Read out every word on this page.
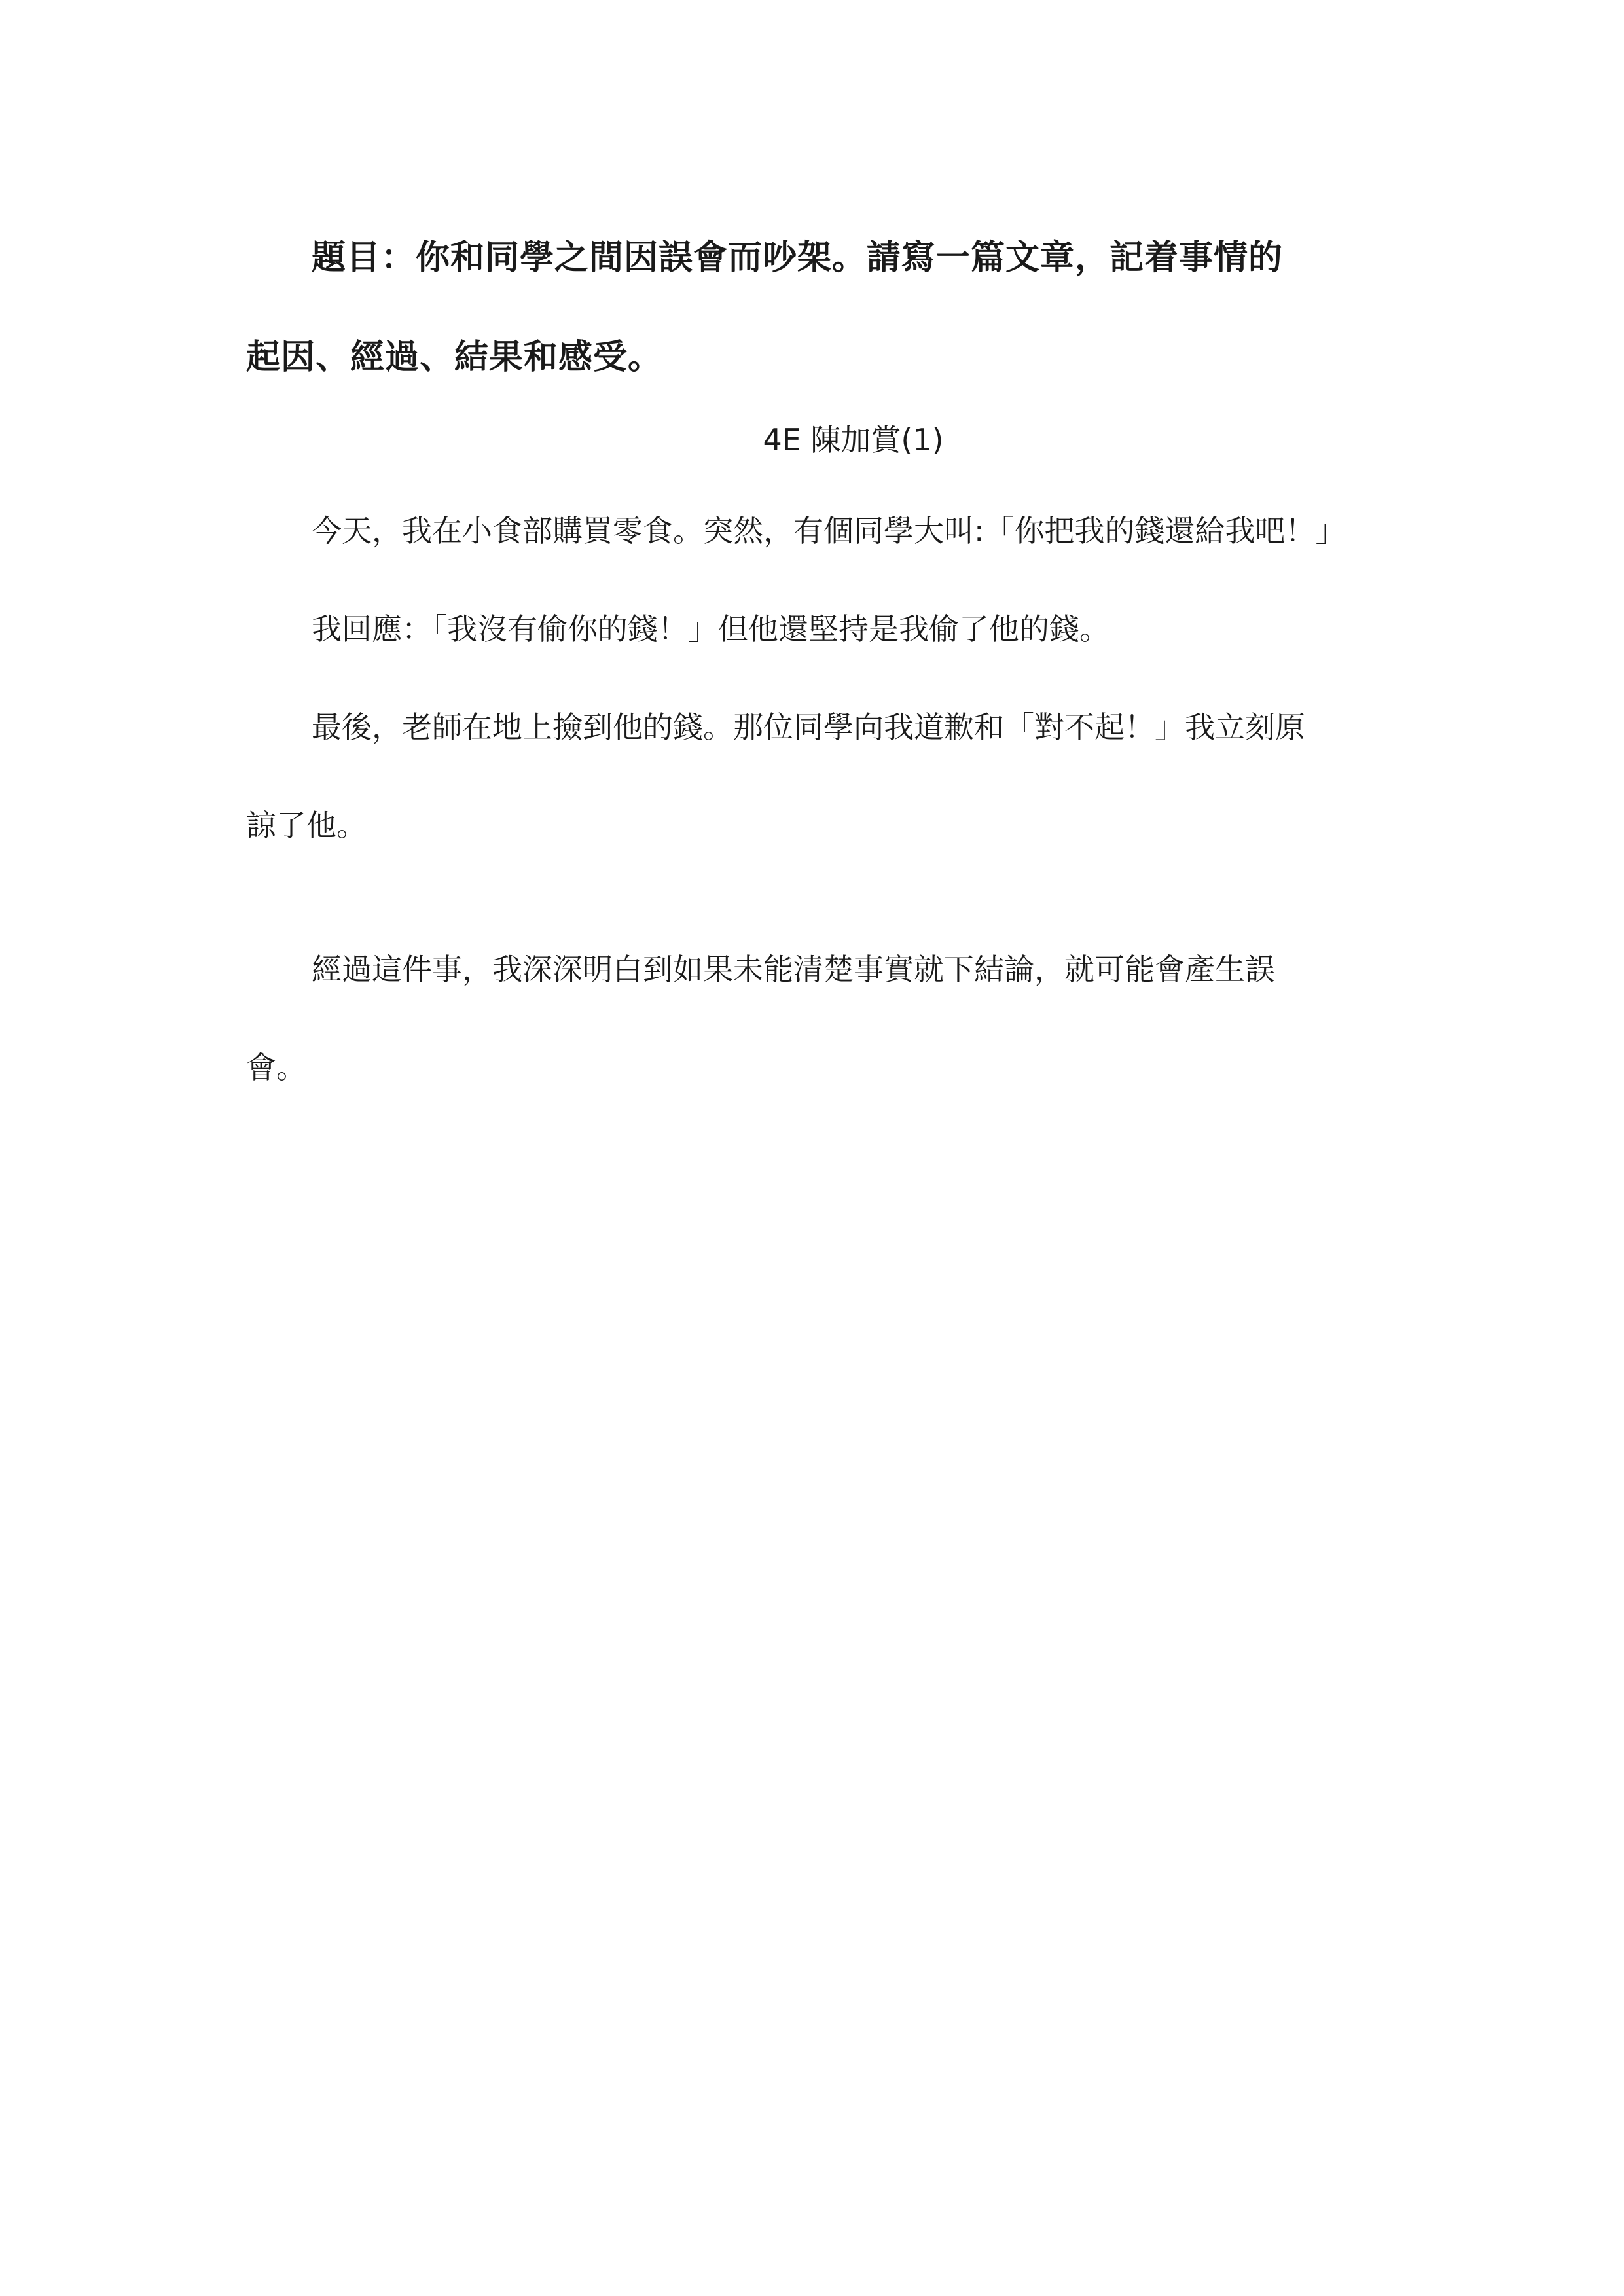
題目：你和同學之間因誤會而吵架。請寫一篇文章，記着事情的
起因、經過、結果和感受。
4E 陳加賞(1)

今天，我在小食部購買零食。突然，有個同學大叫:「你把我的錢還給我吧！」

我回應：「我沒有偷你的錢！」但他還堅持是我偷了他的錢。

最後，老師在地上撿到他的錢。那位同學向我道歉和「對不起！」我立刻原
諒了他。

經過這件事，我深深明白到如果未能清楚事實就下結論，就可能會產生誤
會。
